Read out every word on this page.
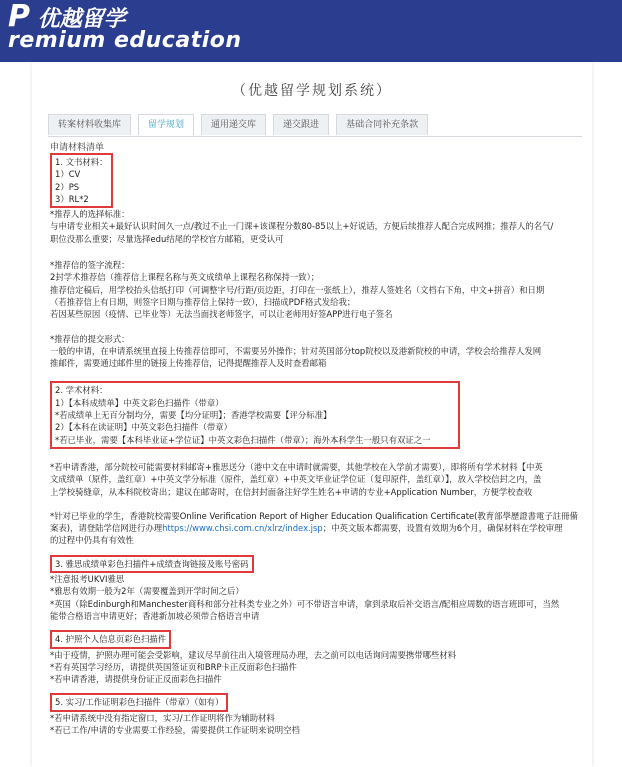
P 优越留学
remium education
（优越留学规划系统）
转案材料收集库	留学规划	通用递交库	递交跟进	基础合同补充条款
申请材料清单

1. 文书材料：

1）CV

2）PS

3）RL*2

*推荐人的选择标准：

与申请专业相关+最好认识时间久一点/教过不止一门课+该课程分数80-85以上+好说话，方便后续推荐人配合完成网推；推荐人的名气/

职位没那么重要；尽量选择edu结尾的学校官方邮箱，更受认可

*推荐信的签字流程：

2封学术推荐信（推荐信上课程名称与英文成绩单上课程名称保持一致）；

推荐信定稿后，用学校抬头信纸打印（可调整字号/行距/页边距，打印在一张纸上），推荐人签姓名（文档右下角，中文+拼音）和日期

（若推荐信上有日期，则签字日期与推荐信上保持一致），扫描成PDF格式发给我；

若因某些原因（疫情、已毕业等）无法当面找老师签字，可以让老师用好签APP进行电子签名

*推荐信的提交形式：

一般的申请，在申请系统里直接上传推荐信即可，不需要另外操作；针对英国部分top院校以及港新院校的申请，学校会给推荐人发网

推邮件，需要通过邮件里的链接上传推荐信，记得提醒推荐人及时查看邮箱

2. 学术材料：

1）【本科成绩单】中英文彩色扫描件（带章）

*若成绩单上无百分制均分，需要【均分证明】；香港学校需要【评分标准】

2）【本科在读证明】中英文彩色扫描件（带章）

*若已毕业，需要【本科毕业证+学位证】中英文彩色扫描件（带章）；海外本科学生一般只有双证之一

*若申请香港，部分院校可能需要材料邮寄+雅思送分（港中文在申请时就需要，其他学校在入学前才需要），即将所有学术材料【中英

文成绩单（原件，盖红章）+中英文学分标准（原件，盖红章）+中英文毕业证学位证（复印原件，盖红章）】，放入学校信封之内，盖

上学校骑缝章，从本科院校寄出；建议在邮寄时，在信封封面备注好学生姓名+申请的专业+Application Number，方便学校查收

*针对已毕业的学生，香港院校需要Online Verification Report of Higher Education Qualification Certificate(教育部學歷證書電子註冊備

案表)，请登陆学信网进行办理https://www.chsi.com.cn/xlrz/index.jsp；中英文版本都需要，设置有效期为6个月，确保材料在学校审理

的过程中仍具有有效性

3. 雅思成绩单彩色扫描件+成绩查询链接及账号密码

*注意报考UKVI雅思

*雅思有效期一般为2年（需要覆盖到开学时间之后）

*英国（除Edinburgh和Manchester商科和部分社科类专业之外）可不带语言申请，拿到录取后补交语言/配相应周数的语言班即可，当然

能带合格语言申请更好；香港新加坡必须带合格语言申请

4. 护照个人信息页彩色扫描件

*由于疫情，护照办理可能会受影响，建议尽早前往出入境管理局办理，去之前可以电话询问需要携带哪些材料

*若有英国学习经历，请提供英国签证页和BRP卡正反面彩色扫描件

*若申请香港，请提供身份证正反面彩色扫描件

5. 实习/工作证明彩色扫描件（带章）（如有）

*若申请系统中没有指定窗口，实习/工作证明将作为辅助材料

*若已工作/申请的专业需要工作经验，需要提供工作证明来说明空档
